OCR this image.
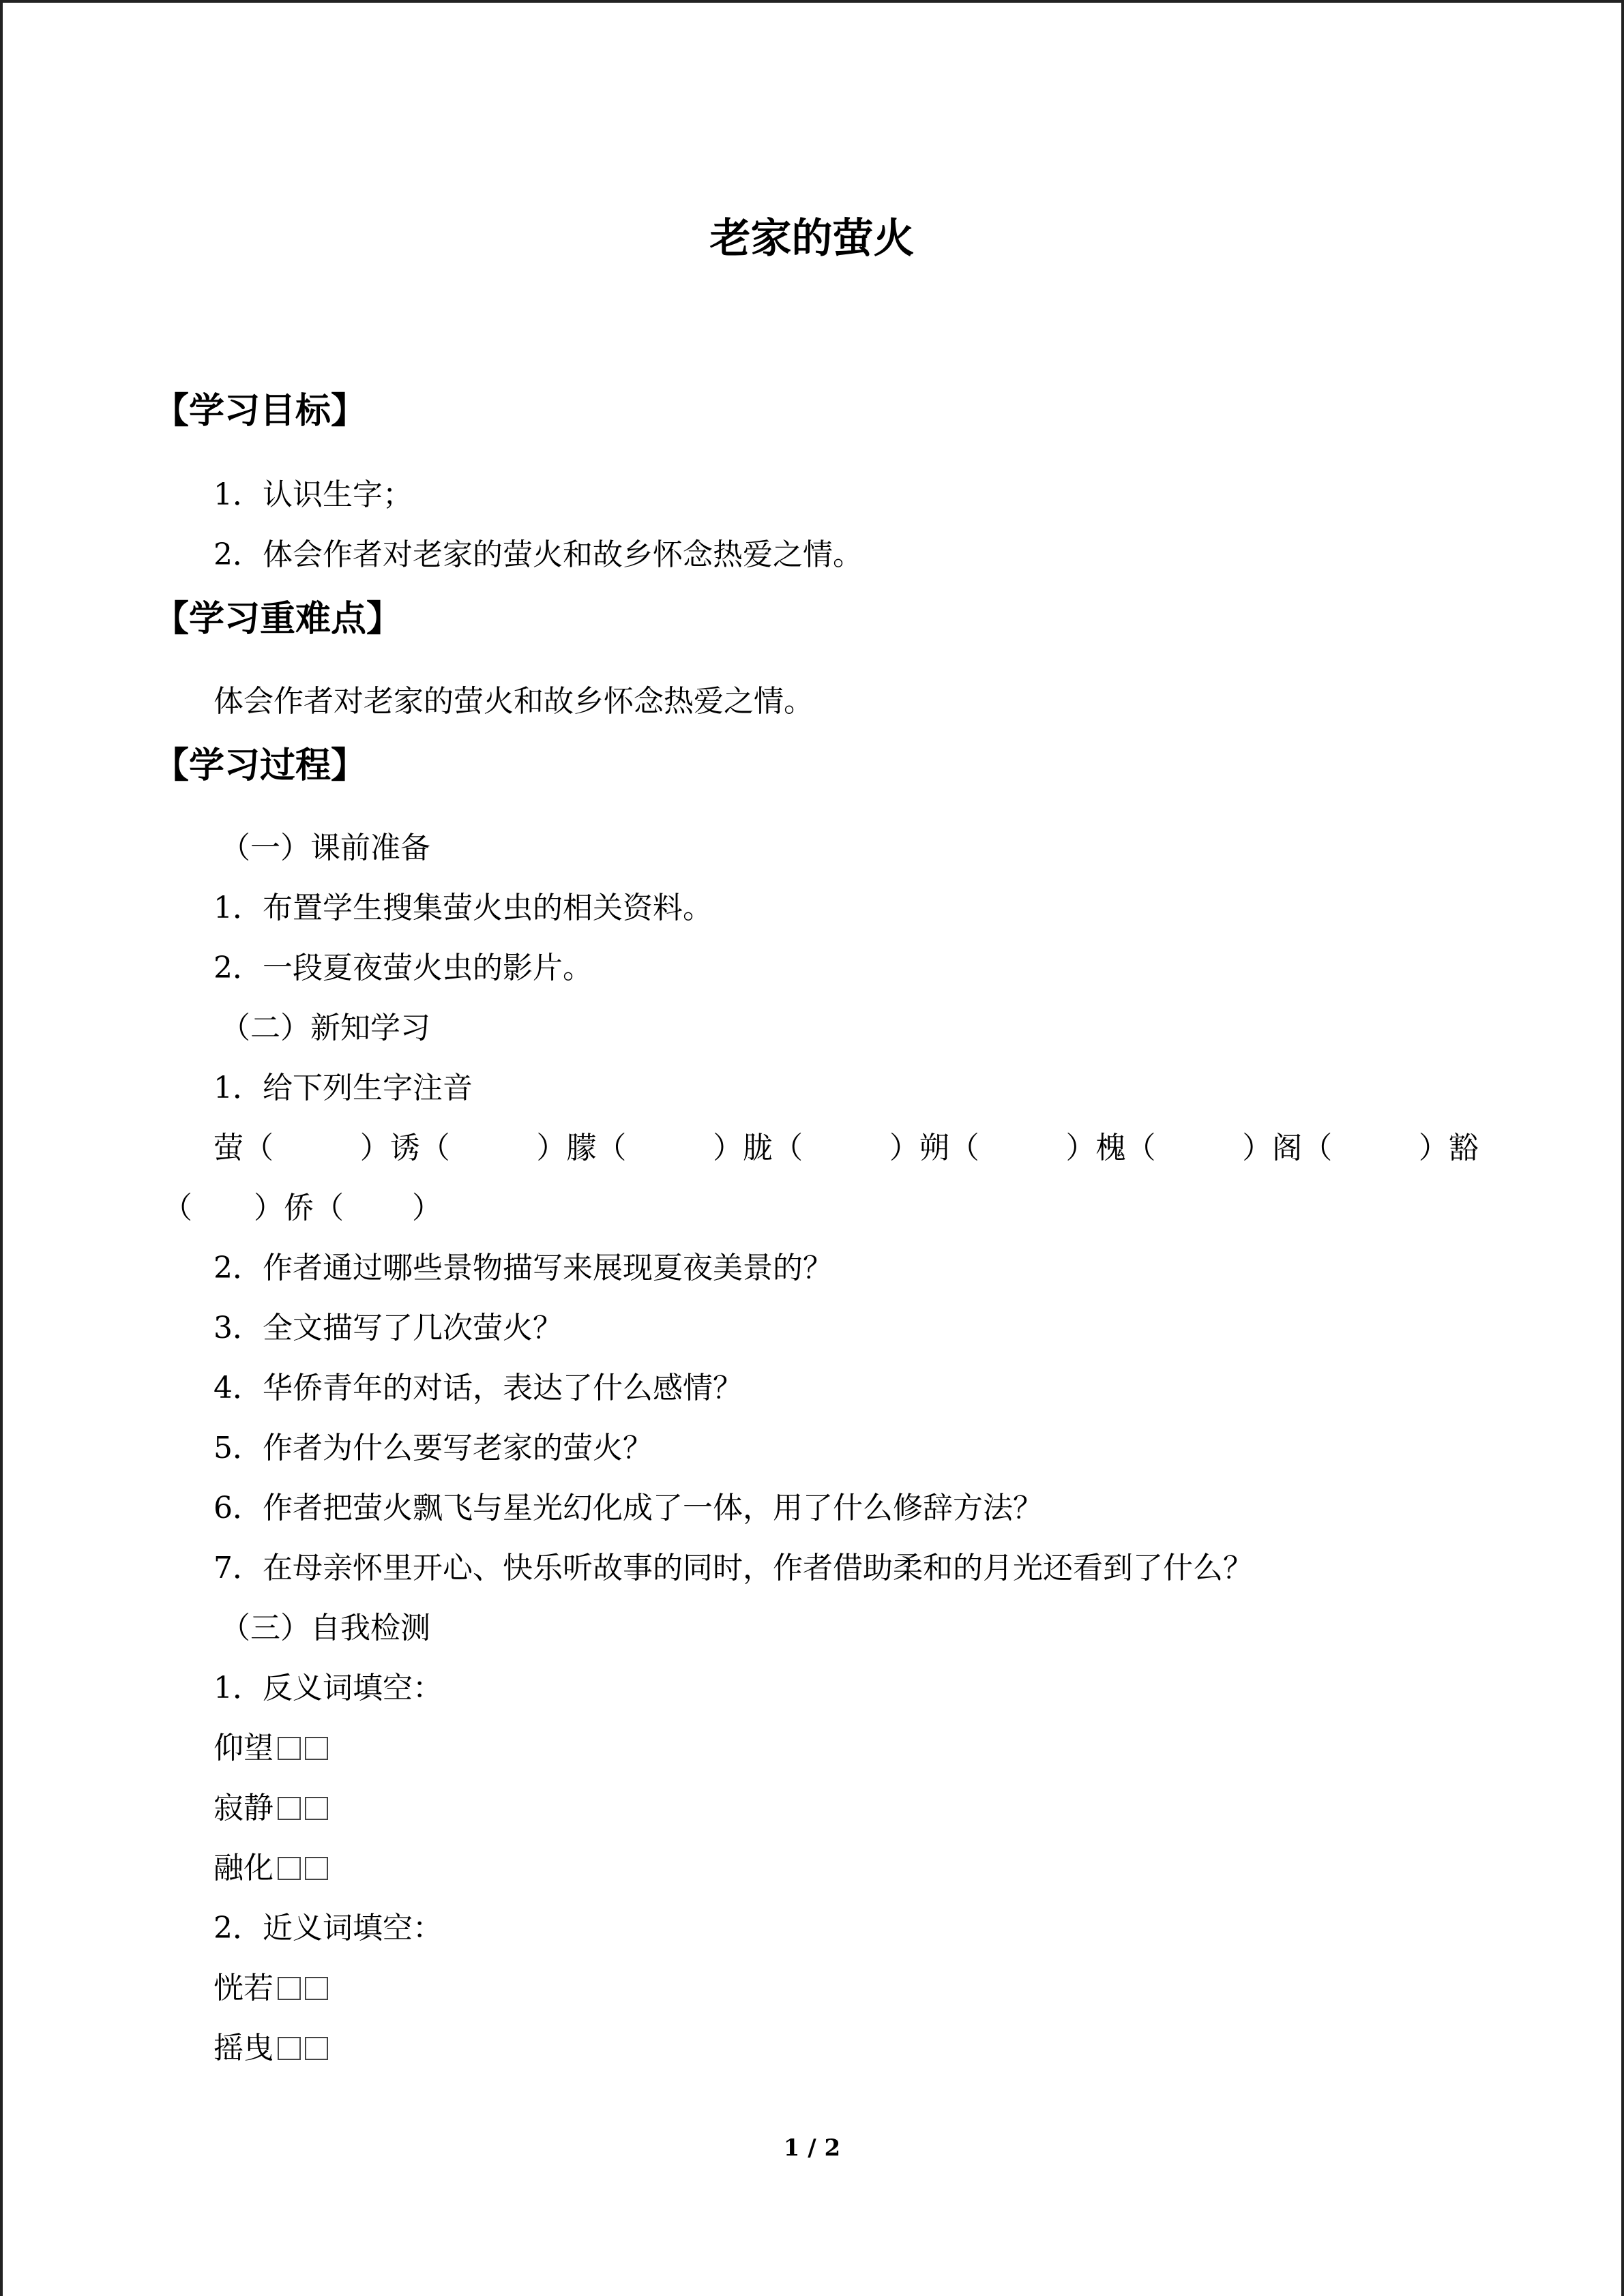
老家的萤火
【学习目标】
1．认识生字；
2．体会作者对老家的萤火和故乡怀念热爱之情。
【学习重难点】
体会作者对老家的萤火和故乡怀念热爱之情。
【学习过程】
（一）课前准备
1．布置学生搜集萤火虫的相关资料。
2．一段夏夜萤火虫的影片。
（二）新知学习
1．给下列生字注音
萤（	）诱（	）朦（	）胧（	）朔（	）槐（	）阁（	）豁
（ ）侨（ ）
2．作者通过哪些景物描写来展现夏夜美景的？
3．全文描写了几次萤火？
4．华侨青年的对话，表达了什么感情？
5．作者为什么要写老家的萤火？
6．作者把萤火飘飞与星光幻化成了一体，用了什么修辞方法？
7．在母亲怀里开心、快乐听故事的同时，作者借助柔和的月光还看到了什么？
（三）自我检测
1．反义词填空：
仰望
寂静
融化
2．近义词填空：
恍若
摇曳
1 / 2
